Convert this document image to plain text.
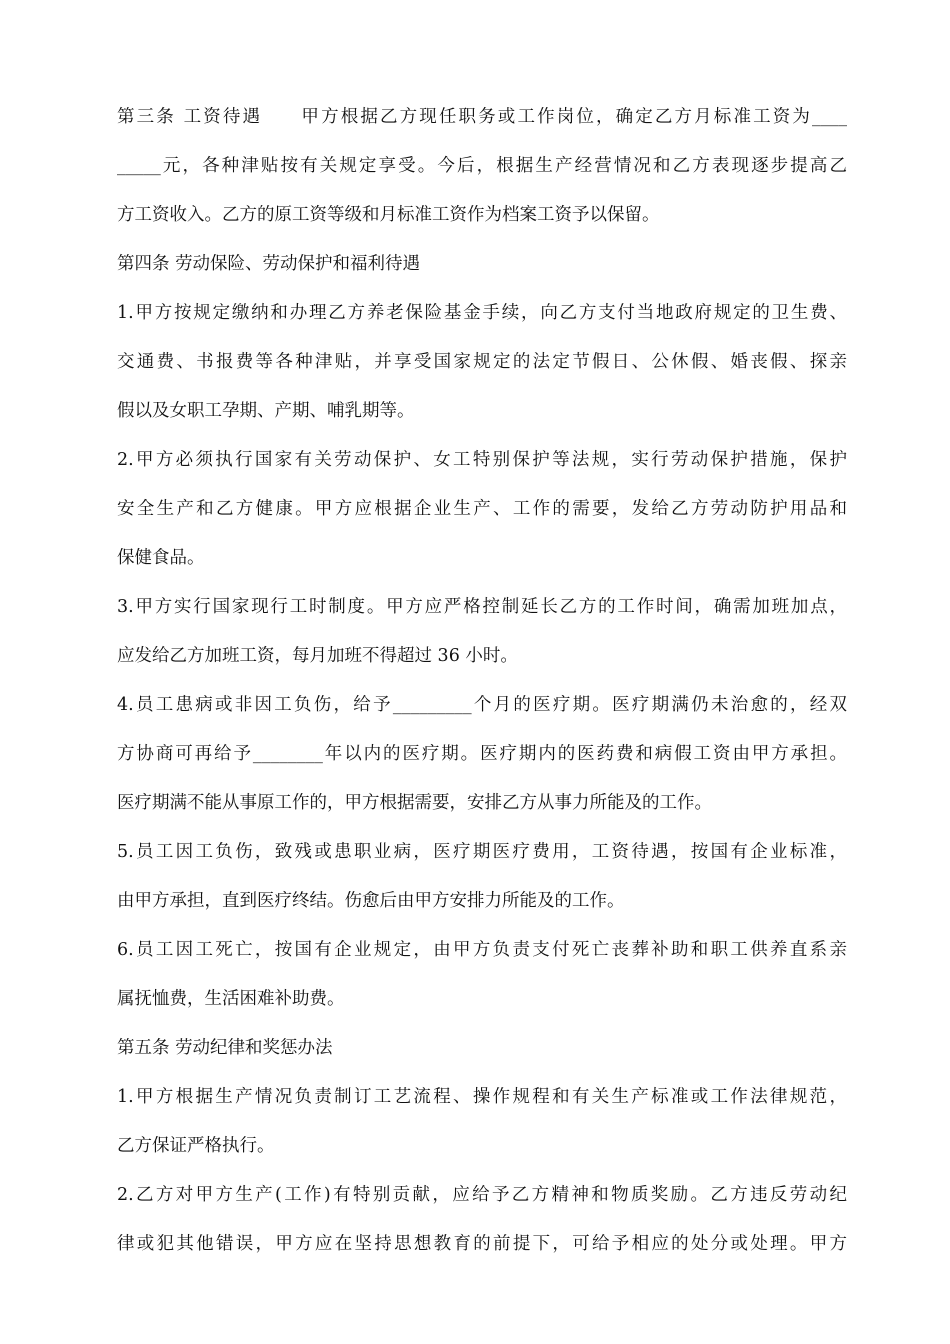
第三条 工资待遇　　甲方根据乙方现任职务或工作岗位，确定乙方月标准工资为____
_____元，各种津贴按有关规定享受。今后，根据生产经营情况和乙方表现逐步提高乙
方工资收入。乙方的原工资等级和月标准工资作为档案工资予以保留。
第四条 劳动保险、劳动保护和福利待遇
1.甲方按规定缴纳和办理乙方养老保险基金手续，向乙方支付当地政府规定的卫生费、
交通费、书报费等各种津贴，并享受国家规定的法定节假日、公休假、婚丧假、探亲
假以及女职工孕期、产期、哺乳期等。
2.甲方必须执行国家有关劳动保护、女工特别保护等法规，实行劳动保护措施，保护
安全生产和乙方健康。甲方应根据企业生产、工作的需要，发给乙方劳动防护用品和
保健食品。
3.甲方实行国家现行工时制度。甲方应严格控制延长乙方的工作时间，确需加班加点，
应发给乙方加班工资，每月加班不得超过 36 小时。
4.员工患病或非因工负伤，给予_________个月的医疗期。医疗期满仍未治愈的，经双
方协商可再给予________年以内的医疗期。医疗期内的医药费和病假工资由甲方承担。
医疗期满不能从事原工作的，甲方根据需要，安排乙方从事力所能及的工作。
5.员工因工负伤，致残或患职业病，医疗期医疗费用，工资待遇，按国有企业标准，
由甲方承担，直到医疗终结。伤愈后由甲方安排力所能及的工作。
6.员工因工死亡，按国有企业规定，由甲方负责支付死亡丧葬补助和职工供养直系亲
属抚恤费，生活困难补助费。
第五条 劳动纪律和奖惩办法
1.甲方根据生产情况负责制订工艺流程、操作规程和有关生产标准或工作法律规范，
乙方保证严格执行。
2.乙方对甲方生产(工作)有特别贡献，应给予乙方精神和物质奖励。乙方违反劳动纪
律或犯其他错误，甲方应在坚持思想教育的前提下，可给予相应的处分或处理。甲方
